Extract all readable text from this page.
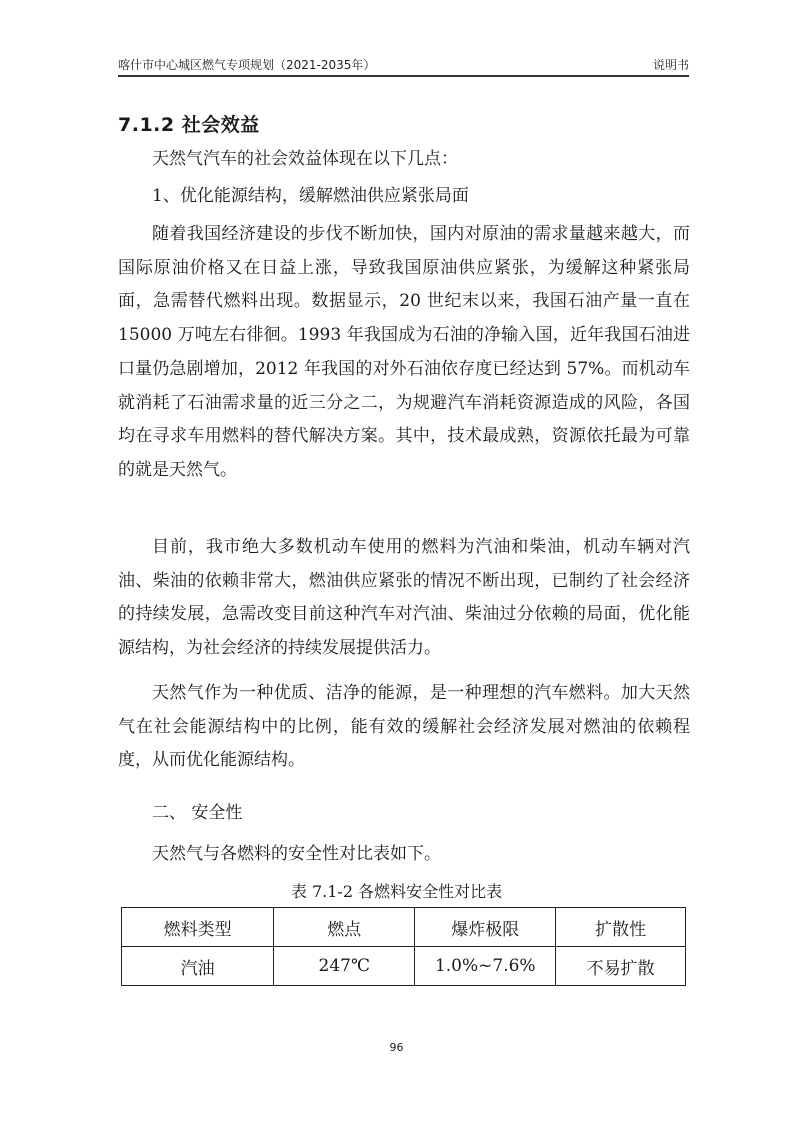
喀什市中心城区燃气专项规划（2021-2035年）	说明书
7.1.2 社会效益

天然气汽车的社会效益体现在以下几点：

1、优化能源结构，缓解燃油供应紧张局面

随着我国经济建设的步伐不断加快，国内对原油的需求量越来越大，而国际原油价格又在日益上涨，导致我国原油供应紧张，为缓解这种紧张局面，急需替代燃料出现。数据显示，20 世纪末以来，我国石油产量一直在 15000 万吨左右徘徊。1993 年我国成为石油的净输入国，近年我国石油进口量仍急剧增加，2012 年我国的对外石油依存度已经达到 57%。而机动车就消耗了石油需求量的近三分之二，为规避汽车消耗资源造成的风险，各国均在寻求车用燃料的替代解决方案。其中，技术最成熟，资源依托最为可靠的就是天然气。

目前，我市绝大多数机动车使用的燃料为汽油和柴油，机动车辆对汽油、柴油的依赖非常大，燃油供应紧张的情况不断出现，已制约了社会经济的持续发展，急需改变目前这种汽车对汽油、柴油过分依赖的局面，优化能源结构，为社会经济的持续发展提供活力。

天然气作为一种优质、洁净的能源，是一种理想的汽车燃料。加大天然气在社会能源结构中的比例，能有效的缓解社会经济发展对燃油的依赖程度，从而优化能源结构。

二、 安全性

天然气与各燃料的安全性对比表如下。

表 7.1-2 各燃料安全性对比表
燃料类型	燃点	爆炸极限	扩散性
汽油	247℃	1.0%~7.6%	不易扩散
96
